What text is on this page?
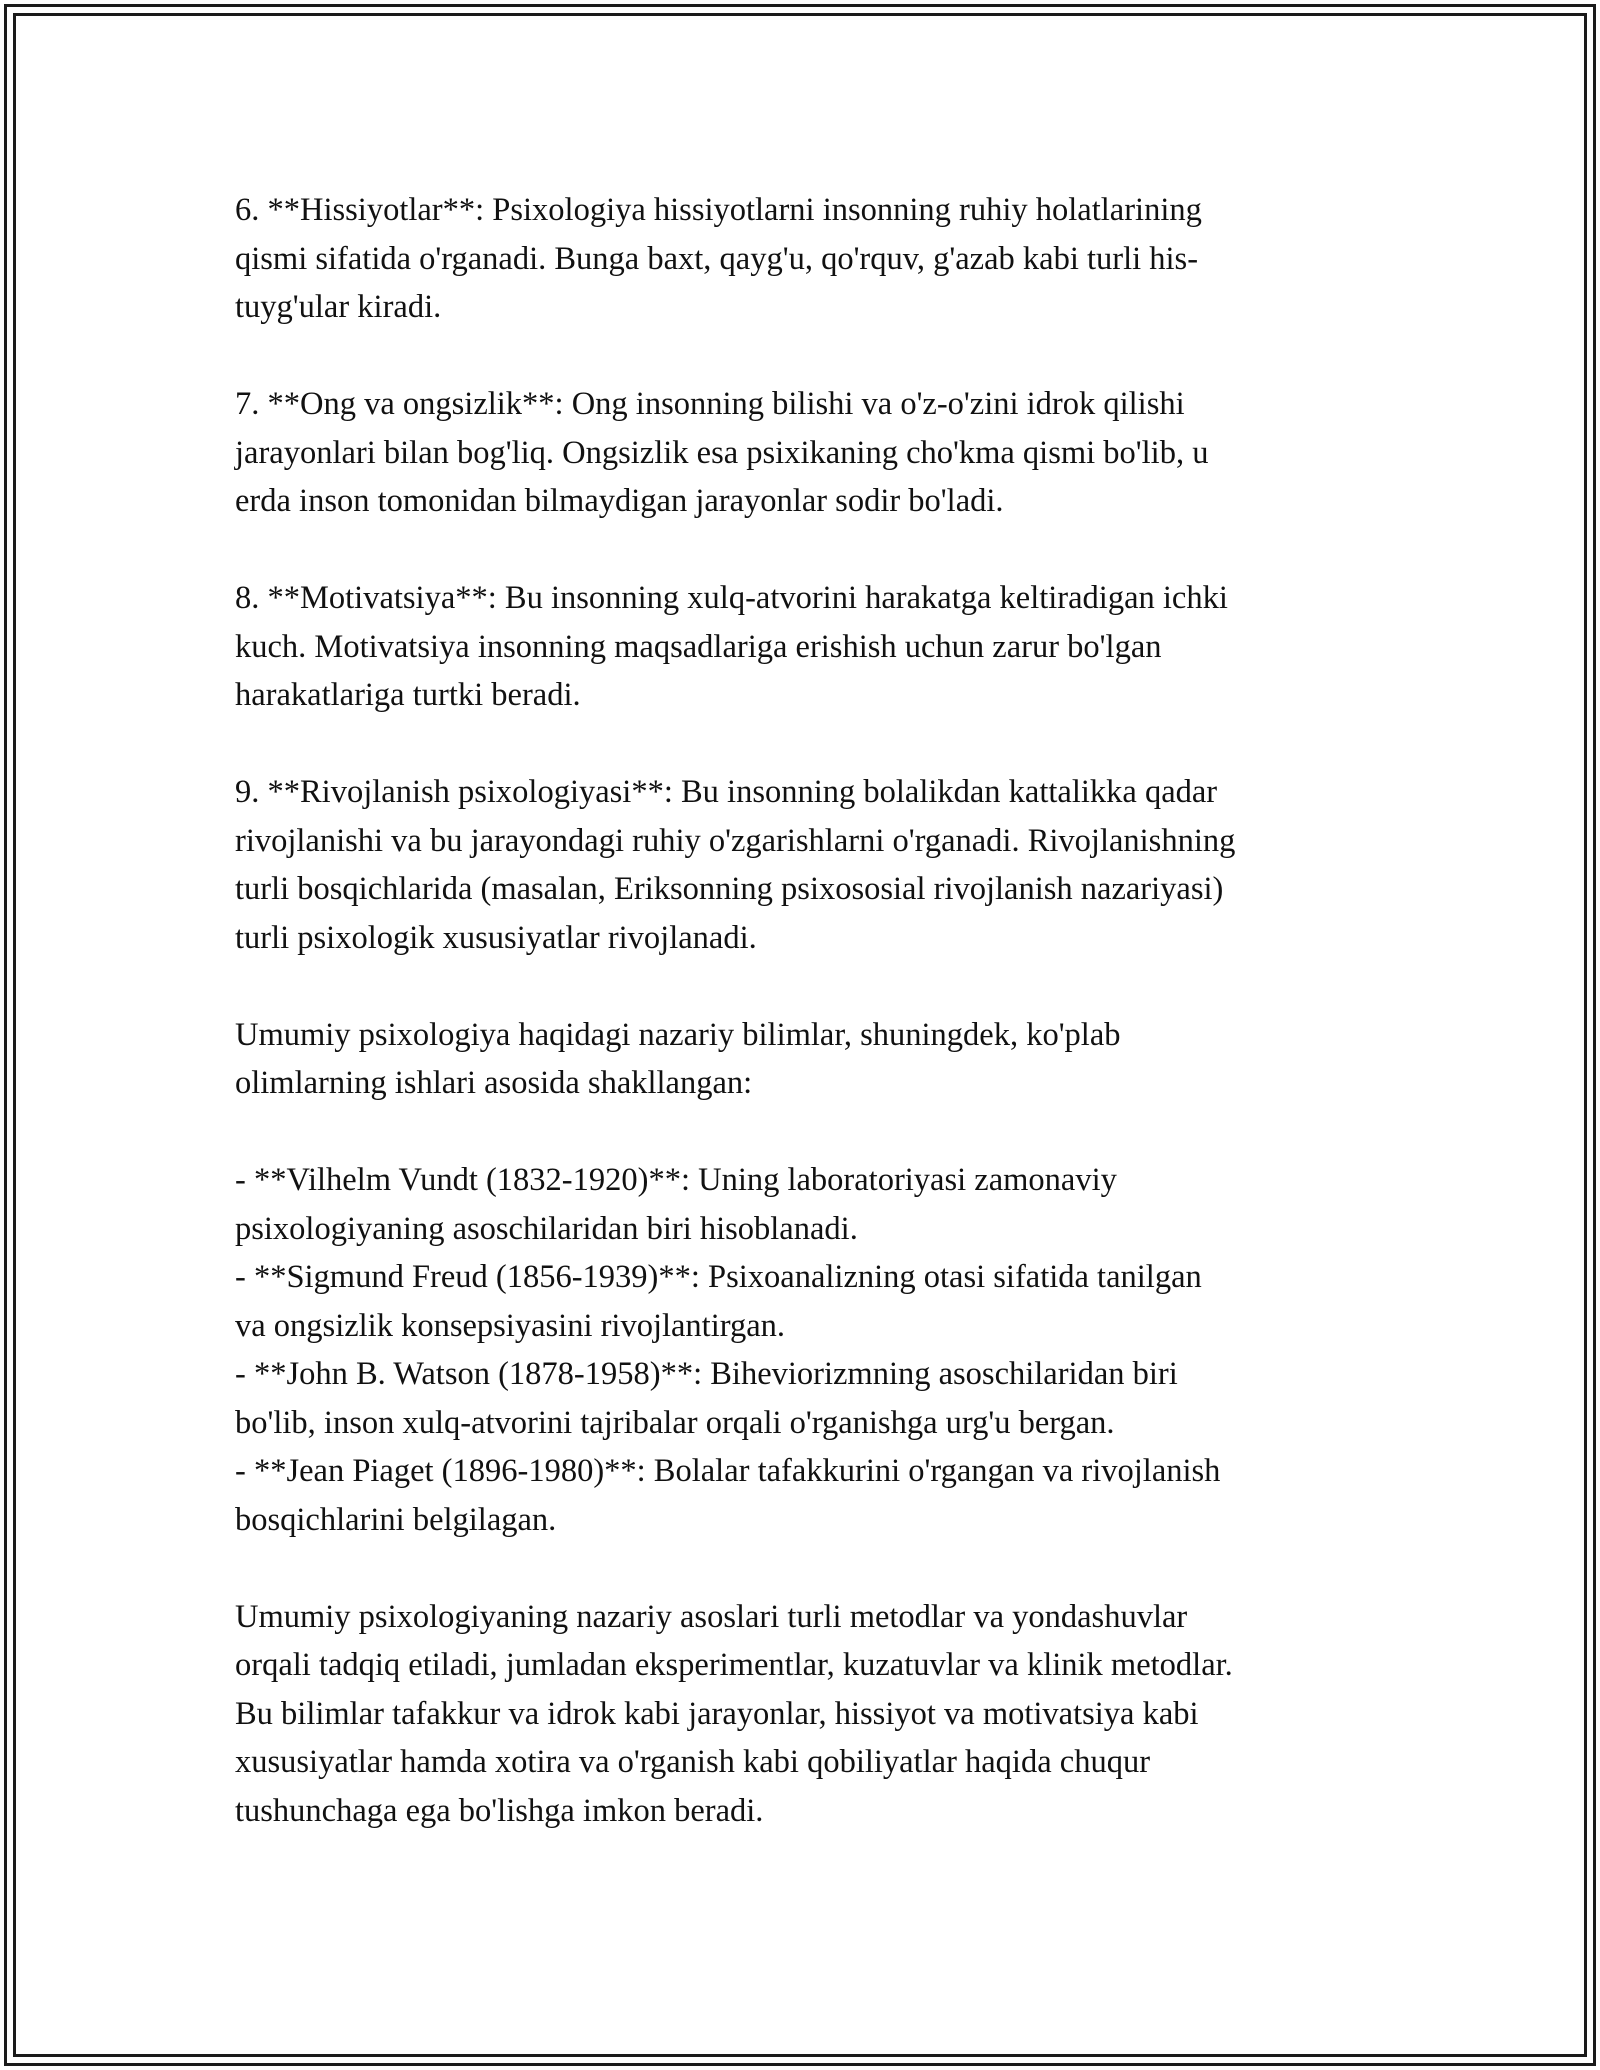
6. **Hissiyotlar**: Psixologiya hissiyotlarni insonning ruhiy holatlarining
qismi sifatida o'rganadi. Bunga baxt, qayg'u, qo'rquv, g'azab kabi turli his-
tuyg'ular kiradi.

7. **Ong va ongsizlik**: Ong insonning bilishi va o'z-o'zini idrok qilishi
jarayonlari bilan bog'liq. Ongsizlik esa psixikaning cho'kma qismi bo'lib, u
erda inson tomonidan bilmaydigan jarayonlar sodir bo'ladi.

8. **Motivatsiya**: Bu insonning xulq-atvorini harakatga keltiradigan ichki
kuch. Motivatsiya insonning maqsadlariga erishish uchun zarur bo'lgan
harakatlariga turtki beradi.

9. **Rivojlanish psixologiyasi**: Bu insonning bolalikdan kattalikka qadar
rivojlanishi va bu jarayondagi ruhiy o'zgarishlarni o'rganadi. Rivojlanishning
turli bosqichlarida (masalan, Eriksonning psixososial rivojlanish nazariyasi)
turli psixologik xususiyatlar rivojlanadi.

Umumiy psixologiya haqidagi nazariy bilimlar, shuningdek, ko'plab
olimlarning ishlari asosida shakllangan:

- **Vilhelm Vundt (1832-1920)**: Uning laboratoriyasi zamonaviy
psixologiyaning asoschilaridan biri hisoblanadi.

- **Sigmund Freud (1856-1939)**: Psixoanalizning otasi sifatida tanilgan
va ongsizlik konsepsiyasini rivojlantirgan.

- **John B. Watson (1878-1958)**: Biheviorizmning asoschilaridan biri
bo'lib, inson xulq-atvorini tajribalar orqali o'rganishga urg'u bergan.

- **Jean Piaget (1896-1980)**: Bolalar tafakkurini o'rgangan va rivojlanish
bosqichlarini belgilagan.

Umumiy psixologiyaning nazariy asoslari turli metodlar va yondashuvlar
orqali tadqiq etiladi, jumladan eksperimentlar, kuzatuvlar va klinik metodlar.
Bu bilimlar tafakkur va idrok kabi jarayonlar, hissiyot va motivatsiya kabi
xususiyatlar hamda xotira va o'rganish kabi qobiliyatlar haqida chuqur
tushunchaga ega bo'lishga imkon beradi.
